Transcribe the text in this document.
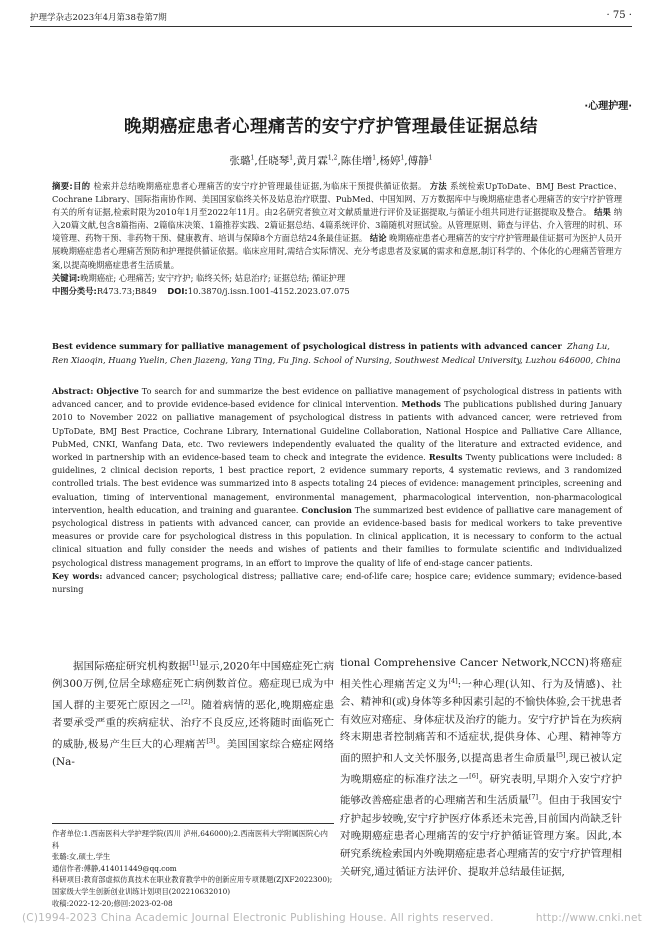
护理学杂志2023年4月第38卷第7期	· 75 ·
·心理护理·
晚期癌症患者心理痛苦的安宁疗护管理最佳证据总结
张璐$^1$,任晓琴$^1$,黄月霖$^{1,2}$,陈佳增$^1$,杨婷$^1$,傅静$^1$

摘要:目的 检索并总结晚期癌症患者心理痛苦的安宁疗护管理最佳证据,为临床干预提供循证依据。 方法 系统检索UpToDate、BMJ Best Practice、Cochrane Library、国际指南协作网、美国国家临终关怀及姑息治疗联盟、PubMed、中国知网、万方数据库中与晚期癌症患者心理痛苦的安宁疗护管理有关的所有证据,检索时限为2010年1月至2022年11月。由2名研究者独立对文献质量进行评价及证据提取,与循证小组共同进行证据提取及整合。 结果 纳入20篇文献,包含8篇指南、2篇临床决策、1篇推荐实践、2篇证据总结、4篇系统评价、3篇随机对照试验。从管理原则、筛查与评估、介入管理的时机、环境管理、药物干预、非药物干预、健康教育、培训与保障8个方面总结24条最佳证据。 结论 晚期癌症患者心理痛苦的安宁疗护管理最佳证据可为医护人员开展晚期癌症患者心理痛苦预防和护理提供循证依据。临床应用时,需结合实际情况、充分考虑患者及家属的需求和意愿,制订科学的、个体化的心理痛苦管理方案,以提高晚期癌症患者生活质量。

关键词:晚期癌症; 心理痛苦; 安宁疗护; 临终关怀; 姑息治疗; 证据总结; 循证护理

中图分类号:R473.73;B849 DOI:10.3870/j.issn.1001-4152.2023.07.075

Best evidence summary for palliative management of psychological distress in patients with advanced cancer Zhang Lu, Ren Xiaoqin, Huang Yuelin, Chen Jiazeng, Yang Ting, Fu Jing. School of Nursing, Southwest Medical University, Luzhou 646000, China

Abstract: Objective To search for and summarize the best evidence on palliative management of psychological distress in patients with advanced cancer, and to provide evidence-based evidence for clinical intervention. Methods The publications published during January 2010 to November 2022 on palliative management of psychological distress in patients with advanced cancer, were retrieved from UpToDate, BMJ Best Practice, Cochrane Library, International Guideline Collaboration, National Hospice and Palliative Care Alliance, PubMed, CNKI, Wanfang Data, etc. Two reviewers independently evaluated the quality of the literature and extracted evidence, and worked in partnership with an evidence-based team to check and integrate the evidence. Results Twenty publications were included: 8 guidelines, 2 clinical decision reports, 1 best practice report, 2 evidence summary reports, 4 systematic reviews, and 3 randomized controlled trials. The best evidence was summarized into 8 aspects totaling 24 pieces of evidence: management principles, screening and evaluation, timing of interventional management, environmental management, pharmacological intervention, non-pharmacological intervention, health education, and training and guarantee. Conclusion The summarized best evidence of palliative care management of psychological distress in patients with advanced cancer, can provide an evidence-based basis for medical workers to take preventive measures or provide care for psychological distress in this population. In clinical application, it is necessary to conform to the actual clinical situation and fully consider the needs and wishes of patients and their families to formulate scientific and individualized psychological distress management programs, in an effort to improve the quality of life of end-stage cancer patients.

Key words: advanced cancer; psychological distress; palliative care; end-of-life care; hospice care; evidence summary; evidence-based nursing

据国际癌症研究机构数据[1]显示,2020年中国癌症死亡病例300万例,位居全球癌症死亡病例数首位。癌症现已成为中国人群的主要死亡原因之一[2]。随着病情的恶化,晚期癌症患者要承受严重的疾病症状、治疗不良反应,还将随时面临死亡的威胁,极易产生巨大的心理痛苦[3]。美国国家综合癌症网络(Na-

tional Comprehensive Cancer Network,NCCN)将癌症相关性心理痛苦定义为[4]:一种心理(认知、行为及情感)、社会、精神和(或)身体等多种因素引起的不愉快体验,会干扰患者有效应对癌症、身体症状及治疗的能力。安宁疗护旨在为疾病终末期患者控制痛苦和不适症状,提供身体、心理、精神等方面的照护和人文关怀服务,以提高患者生命质量[5],现已被认定为晚期癌症的标准疗法之一[6]。研究表明,早期介入安宁疗护能够改善癌症患者的心理痛苦和生活质量[7]。但由于我国安宁疗护起步较晚,安宁疗护医疗体系还未完善,目前国内尚缺乏针对晚期癌症患者心理痛苦的安宁疗护循证管理方案。因此,本研究系统检索国内外晚期癌症患者心理痛苦的安宁疗护管理相关研究,通过循证方法评价、提取并总结最佳证据,

作者单位:1.西南医科大学护理学院(四川 泸州,646000);2.西南医科大学附属医院心内科

张璐:女,硕士,学生

通信作者:傅静,414011449@qq.com

科研项目:教育部虚拟仿真技术在职业教育教学中的创新应用专项课题(ZJXF2022300);国家级大学生创新创业训练计划项目(202210632010)

收稿:2022-12-20;修回:2023-02-08

(C)1994-2023 China Academic Journal Electronic Publishing House. All rights reserved.	http://www.cnki.net
